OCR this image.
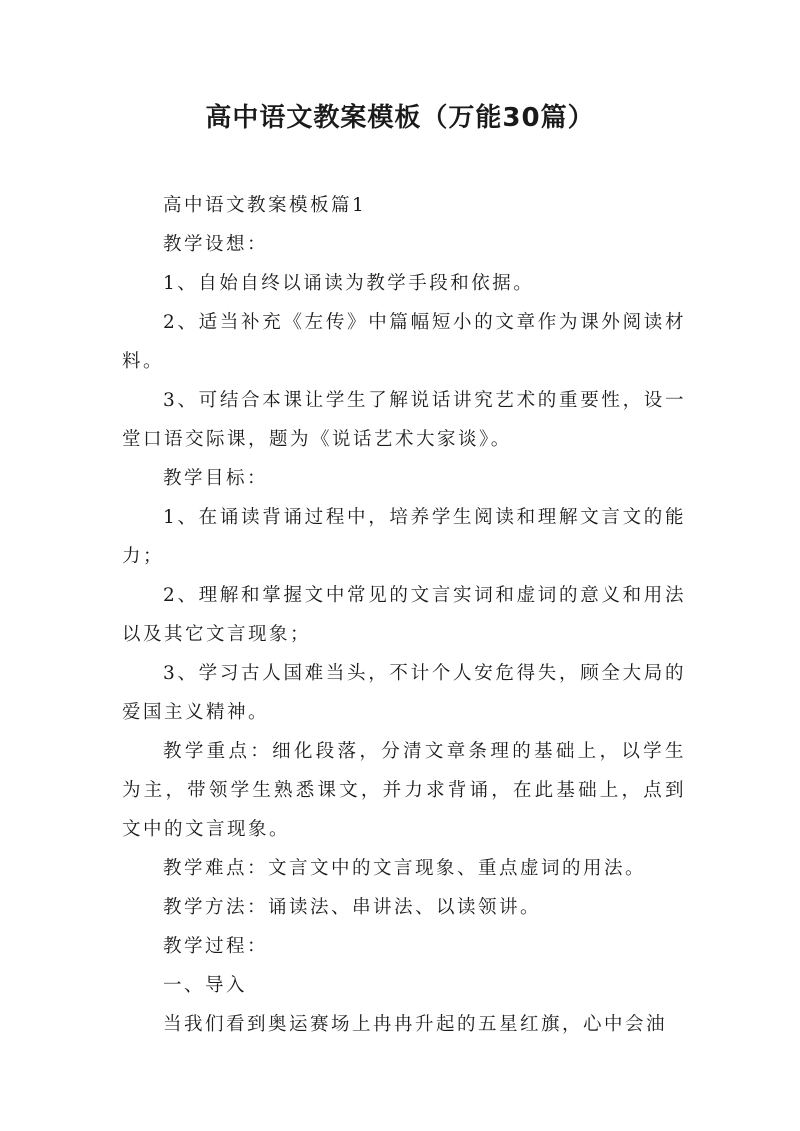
高中语文教案模板（万能30篇）

高中语文教案模板篇1

教学设想：

1、自始自终以诵读为教学手段和依据。

2、适当补充《左传》中篇幅短小的文章作为课外阅读材料。

3、可结合本课让学生了解说话讲究艺术的重要性，设一堂口语交际课，题为《说话艺术大家谈》。

教学目标：

1、在诵读背诵过程中，培养学生阅读和理解文言文的能力；

2、理解和掌握文中常见的文言实词和虚词的意义和用法以及其它文言现象；

3、学习古人国难当头，不计个人安危得失，顾全大局的爱国主义精神。

教学重点：细化段落，分清文章条理的基础上，以学生为主，带领学生熟悉课文，并力求背诵，在此基础上，点到文中的文言现象。

教学难点：文言文中的文言现象、重点虚词的用法。

教学方法：诵读法、串讲法、以读领讲。

教学过程：

一、导入

当我们看到奥运赛场上冉冉升起的五星红旗，心中会油
